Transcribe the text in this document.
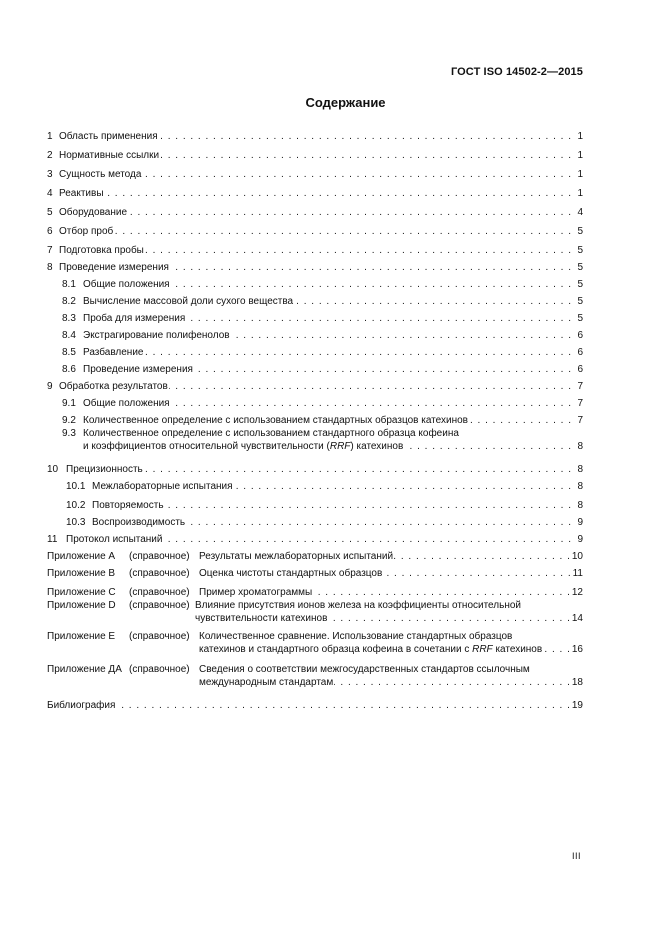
ГОСТ ISO 14502-2—2015
Содержание
1 Область применения . . .	1
2 Нормативные ссылки . . .	1
3 Сущность метода . . .	1
4 Реактивы . . .	1
5 Оборудование . . .	4
6 Отбор проб . . .	5
7 Подготовка пробы . . .	5
8 Проведение измерения . . .	5
8.1 Общие положения . . .	5
8.2 Вычисление массовой доли сухого вещества . . .	5
8.3 Проба для измерения . . .	5
8.4 Экстрагирование полифенолов . . .	6
8.5 Разбавление . . .	6
8.6 Проведение измерения . . .	6
9 Обработка результатов . . .	7
9.1 Общие положения . . .	7
9.2 Количественное определение с использованием стандартных образцов катехинов . . .	7
9.3 Количественное определение с использованием стандартного образца кофеина
и коэффициентов относительной чувствительности (RRF) катехинов . . .	8
10 Прецизионность . . .	8
10.1 Межлабораторные испытания . . .	8
10.2 Повторяемость . . .	8
10.3 Воспроизводимость . . .	9
11 Протокол испытаний . . .	9
Приложение А	(справочное) Результаты межлабораторных испытаний . . .	10
Приложение В	(справочное) Оценка чистоты стандартных образцов . . .	11
Приложение С	(справочное) Пример хроматограммы . . .	12
Приложение D	(справочное) Влияние присутствия ионов железа на коэффициенты относительной
чувствительности катехинов . . .	14
Приложение Е	(справочное) Количественное сравнение. Использование стандартных образцов
катехинов и стандартного образца кофеина в сочетании с RRF катехинов . . .	16
Приложение ДА (справочное) Сведения о соответствии межгосударственных стандартов ссылочным
международным стандартам . . .	18
Библиография . . .	19
III
